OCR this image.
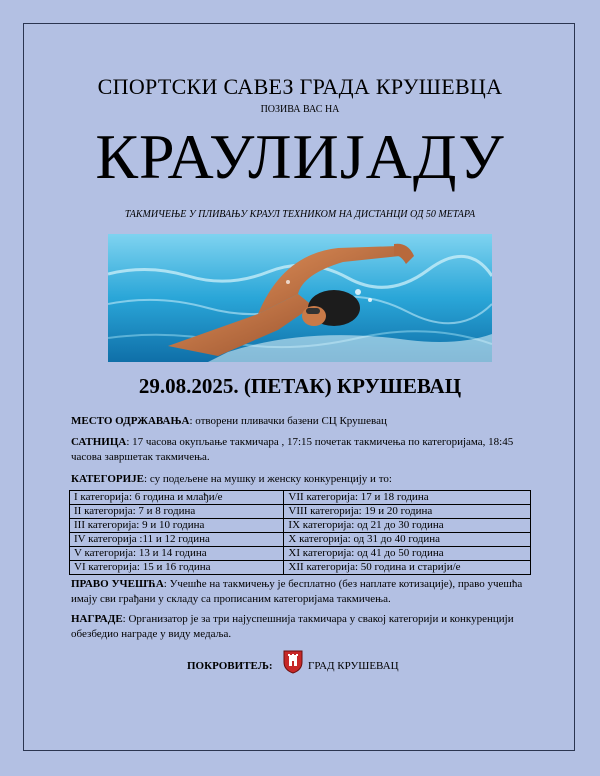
СПОРТСКИ САВЕЗ ГРАДА КРУШЕВЦА
ПОЗИВА ВАС НА
КРАУЛИЈАДУ
ТАКМИЧЕЊЕ У ПЛИВАЊУ КРАУЛ ТЕХНИКОМ НА ДИСТАНЦИ ОД 50 МЕТАРА
29.08.2025. (ПЕТАК) КРУШЕВАЦ
МЕСТО ОДРЖАВАЊА: отворени пливачки базени СЦ Крушевац
САТНИЦА: 17 часова окупљање такмичара , 17:15 почетак такмичења по категоријама, 18:45 часова завршетак такмичења.
КАТЕГОРИЈЕ: су подељене на мушку и женску конкуренцију и то:
I категорија: 6 година и млађи/е	VII категорија: 17 и 18 година
II категорија: 7 и 8 година	VIII категорија: 19 и 20 година
III категорија: 9 и 10 година	IX категорија: од 21 до 30 година
IV категорија :11 и 12 година	X категорија: од 31 до 40 година
V категорија: 13 и 14 година	XI категорија: од 41 до 50 година
VI категорија: 15 и 16 година	XII категорија: 50 година и старији/е
ПРАВО УЧЕШЋА: Учешће на такмичењу је бесплатно (без наплате котизације), право учешћа имају сви грађани у складу са прописаним категоријама такмичења.
НАГРАДЕ: Организатор је за три најуспешнија такмичара у свакој категорији и конкуренцији обезбедио награде у виду медаља.
ПОКРОВИТЕЉ:	ГРАД КРУШЕВАЦ
